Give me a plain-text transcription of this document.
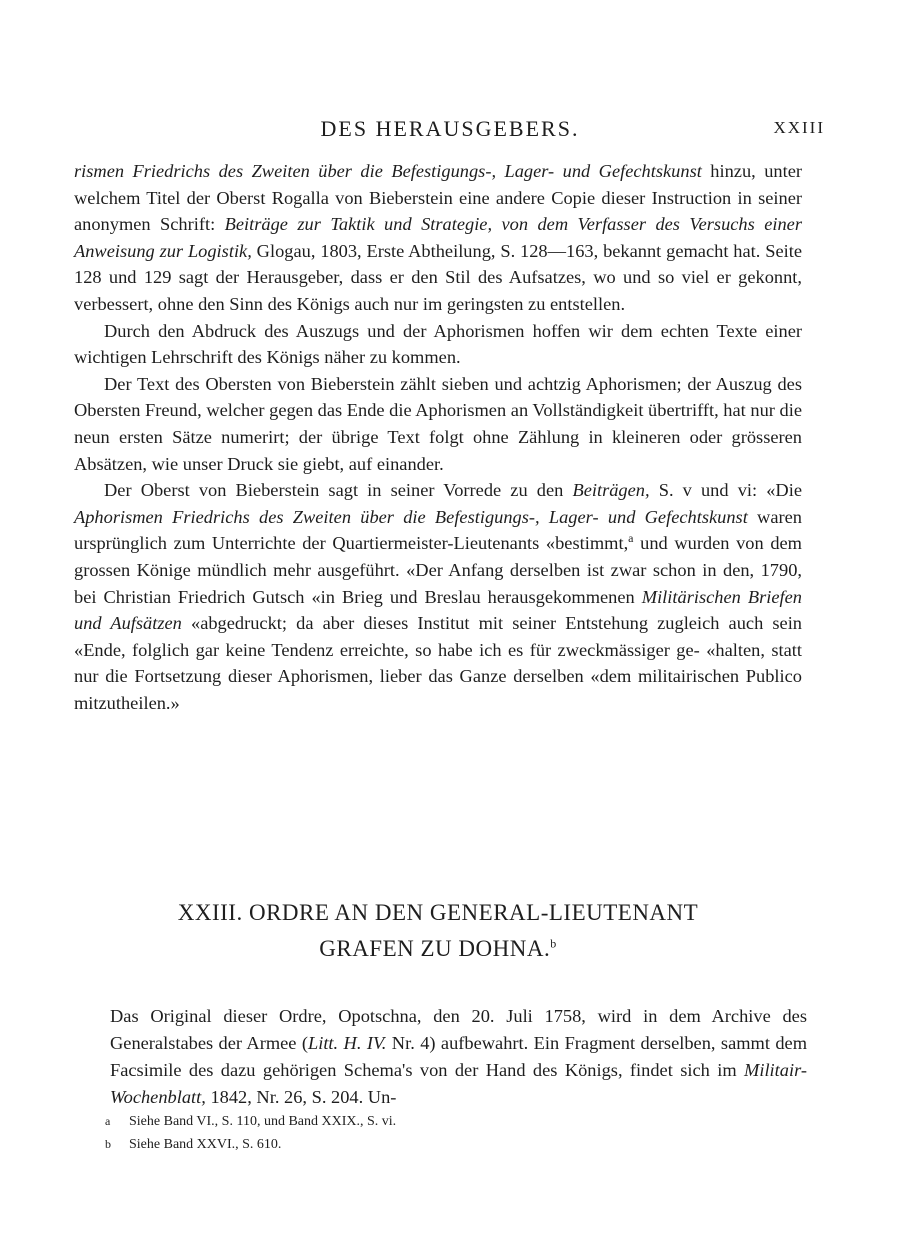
DES HERAUSGEBERS.	XXIII

rismen Friedrichs des Zweiten über die Befestigungs-, Lager- und Gefechtskunst hinzu, unter welchem Titel der Oberst Rogalla von Bieberstein eine andere Copie dieser Instruction in seiner anonymen Schrift: Beiträge zur Taktik und Strategie, von dem Verfasser des Versuchs einer Anweisung zur Logistik, Glogau, 1803, Erste Abtheilung, S. 128—163, bekannt gemacht hat. Seite 128 und 129 sagt der Herausgeber, dass er den Stil des Aufsatzes, wo und so viel er gekonnt, verbessert, ohne den Sinn des Königs auch nur im geringsten zu entstellen.

Durch den Abdruck des Auszugs und der Aphorismen hoffen wir dem echten Texte einer wichtigen Lehrschrift des Königs näher zu kommen.

Der Text des Obersten von Bieberstein zählt sieben und achtzig Aphorismen; der Auszug des Obersten Freund, welcher gegen das Ende die Aphorismen an Vollständigkeit übertrifft, hat nur die neun ersten Sätze numerirt; der übrige Text folgt ohne Zählung in kleineren oder grösseren Absätzen, wie unser Druck sie giebt, auf einander.

Der Oberst von Bieberstein sagt in seiner Vorrede zu den Beiträgen, S. v und vi: «Die Aphorismen Friedrichs des Zweiten über die Befestigungs-, Lager- und Gefechtskunst waren ursprünglich zum Unterrichte der Quartiermeister-Lieutenants «bestimmt,$^a$ und wurden von dem grossen Könige mündlich mehr ausgeführt. «Der Anfang derselben ist zwar schon in den, 1790, bei Christian Friedrich Gutsch «in Brieg und Breslau herausgekommenen Militärischen Briefen und Aufsätzen «abgedruckt; da aber dieses Institut mit seiner Entstehung zugleich auch sein «Ende, folglich gar keine Tendenz erreichte, so habe ich es für zweckmässiger ge- «halten, statt nur die Fortsetzung dieser Aphorismen, lieber das Ganze derselben «dem militairischen Publico mitzutheilen.»

XXIII. ORDRE AN DEN GENERAL-LIEUTENANT
GRAFEN ZU DOHNA.$^b$

Das Original dieser Ordre, Opotschna, den 20. Juli 1758, wird in dem Archive des Generalstabes der Armee (Litt. H. IV. Nr. 4) aufbewahrt. Ein Fragment derselben, sammt dem Facsimile des dazu gehörigen Schema's von der Hand des Königs, findet sich im Militair-Wochenblatt, 1842, Nr. 26, S. 204. Un-

a Siehe Band VI., S. 110, und Band XXIX., S. vi.
b Siehe Band XXVI., S. 610.
